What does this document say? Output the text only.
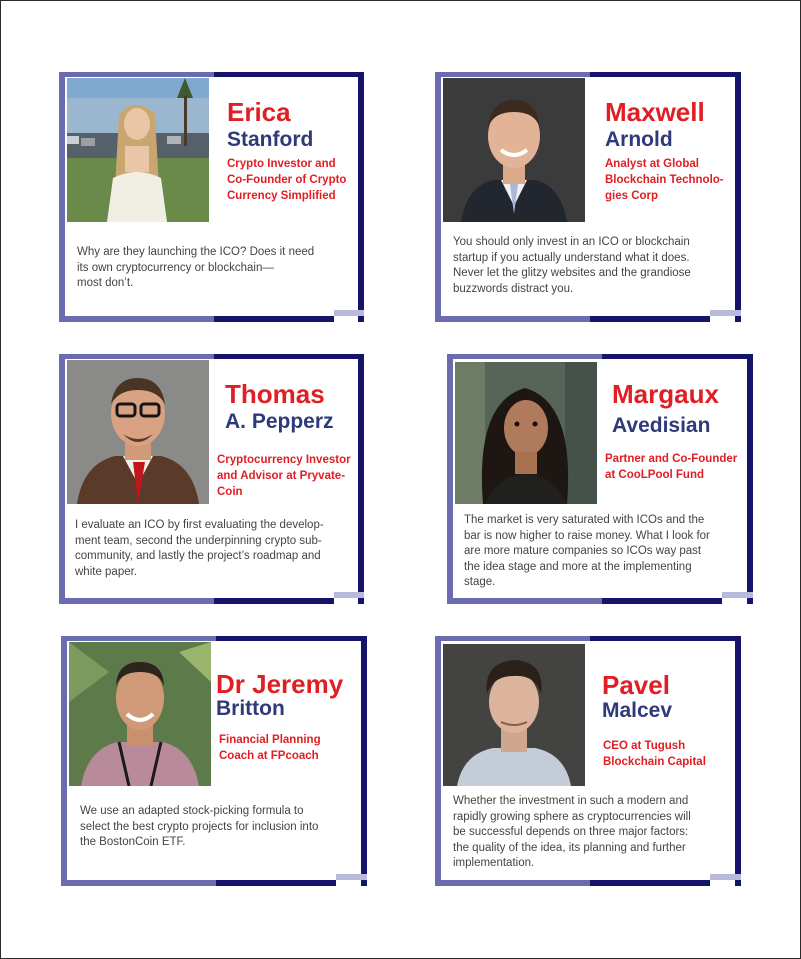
Erica
Stanford
Crypto Investor and
Co-Founder of Crypto
Currency Simplified
Why are they launching the ICO? Does it need
its own cryptocurrency or blockchain—
most don’t.
Maxwell
Arnold
Analyst at Global
Blockchain Technolo-
gies Corp
You should only invest in an ICO or blockchain
startup if you actually understand what it does.
Never let the glitzy websites and the grandiose
buzzwords distract you.
Thomas
A. Pepperz
Cryptocurrency Investor
and Advisor at Pryvate-
Coin
I evaluate an ICO by first evaluating the develop-
ment team, second the underpinning crypto sub-
community, and lastly the project’s roadmap and
white paper.
Margaux
Avedisian
Partner and Co-Founder
at CooLPool Fund
The market is very saturated with ICOs and the
bar is now higher to raise money. What I look for
are more mature companies so ICOs way past
the idea stage and more at the implementing
stage.
Dr Jeremy
Britton
Financial Planning
Coach at FPcoach
We use an adapted stock-picking formula to
select the best crypto projects for inclusion into
the BostonCoin ETF.
Pavel
Malcev
CEO at Tugush
Blockchain Capital
Whether the investment in such a modern and
rapidly growing sphere as cryptocurrencies will
be successful depends on three major factors:
the quality of the idea, its planning and further
implementation.
